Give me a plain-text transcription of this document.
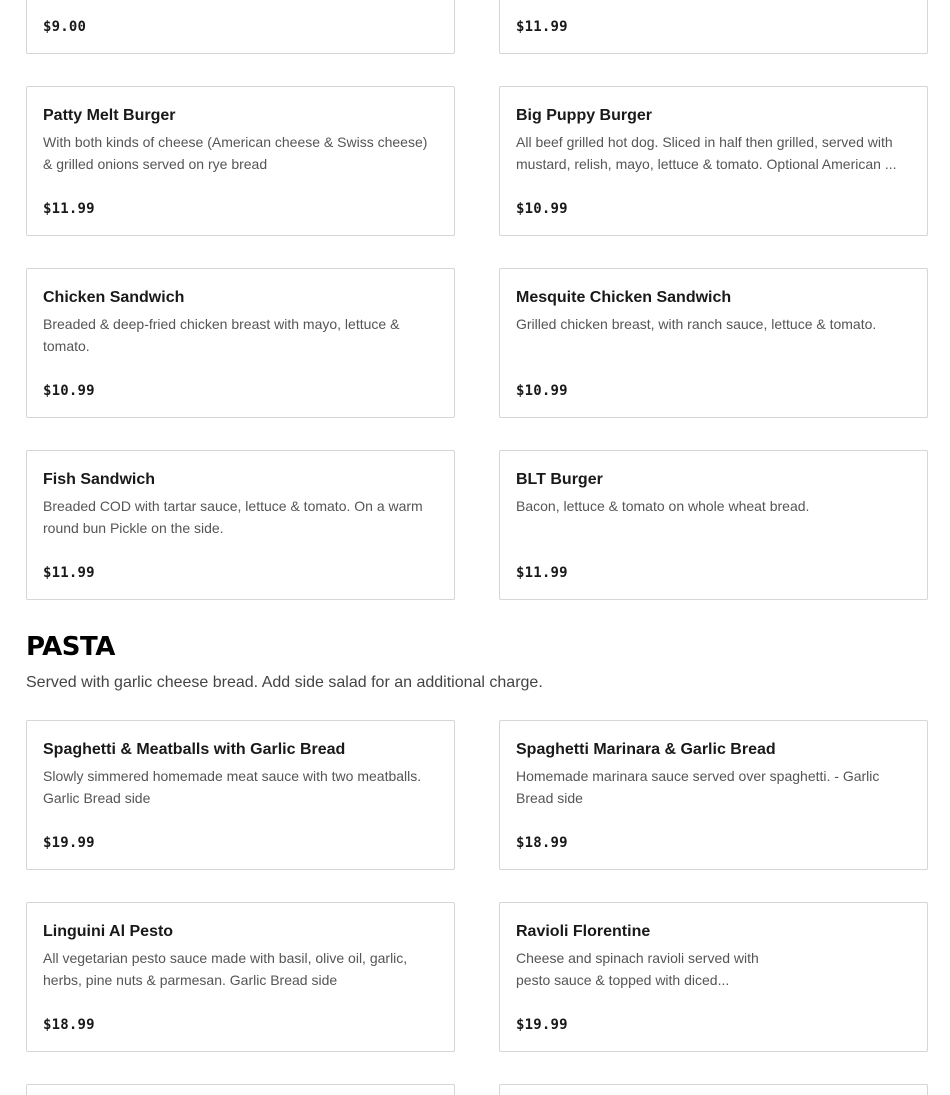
$9.00	$11.99
Patty Melt Burger
With both kinds of cheese (American cheese & Swiss cheese) & grilled onions served on rye bread
$11.99
Big Puppy Burger
All beef grilled hot dog. Sliced in half then grilled, served with mustard, relish, mayo, lettuce & tomato. Optional American ...
$10.99
Chicken Sandwich
Breaded & deep-fried chicken breast with mayo, lettuce & tomato.
$10.99
Mesquite Chicken Sandwich
Grilled chicken breast, with ranch sauce, lettuce & tomato.
$10.99
Fish Sandwich
Breaded COD with tartar sauce, lettuce & tomato. On a warm round bun Pickle on the side.
$11.99
BLT Burger
Bacon, lettuce & tomato on whole wheat bread.
$11.99
PASTA

Served with garlic cheese bread. Add side salad for an additional charge.

Spaghetti & Meatballs with Garlic Bread
Slowly simmered homemade meat sauce with two meatballs. Garlic Bread side
$19.99
Spaghetti Marinara & Garlic Bread
Homemade marinara sauce served over spaghetti. - Garlic Bread side
$18.99
Linguini Al Pesto
All vegetarian pesto sauce made with basil, olive oil, garlic, herbs, pine nuts & parmesan. Garlic Bread side
$18.99
Ravioli Florentine
Cheese and spinach ravioli served with pesto sauce & topped with diced...
$19.99
